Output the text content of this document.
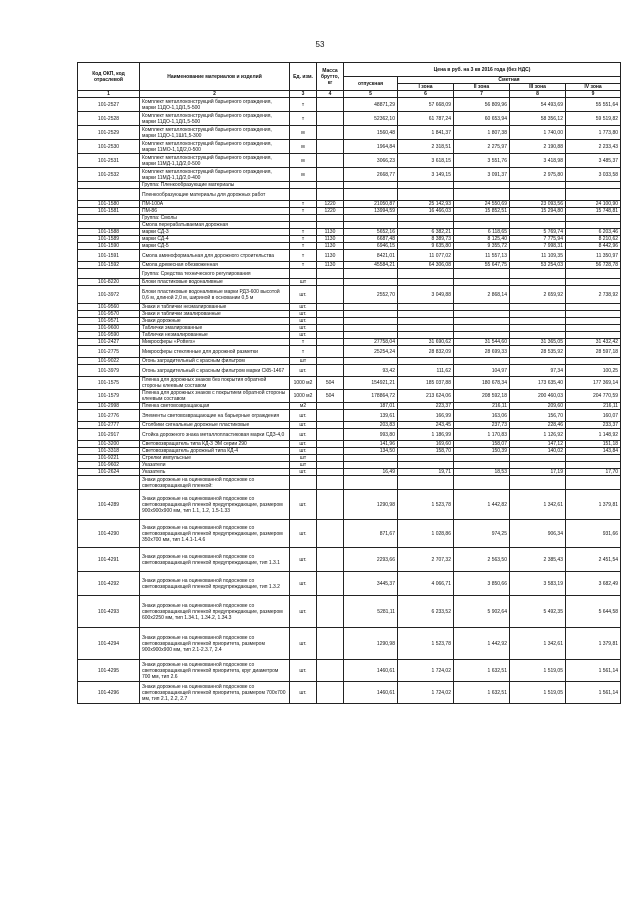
53
Код ОКП, код отраслевой	Наименование материалов и изделий	Ед. изм.	Масса брутто, кг	Цена в руб. на 3 кв 2016 года (без НДС)				
				отпускная	Сметная			
					I зона	II зона	III зона	IV зона
1	2	3	4	5	6	7	8	9
101-2527	Комплект металлоконструкций барьерного ограждения, марки 11ДО-1,1Д/1,5-500	т		48871,29	57 668,09	56 809,96	54 493,69	55 551,64
101-2528	Комплект металлоконструкций барьерного ограждения, марки 11ДО-1,1Д/1,5-500	т		52362,10	61 787,24	60 653,94	58 356,12	59 519,82
101-2529	Комплект металлоконструкций барьерного ограждения, марки 11ДО-1,1Ш/1,5-300	м		1560,48	1 841,37	1 807,38	1 740,00	1 773,80
101-2530	Комплект металлоконструкций барьерного ограждения, марки 11МО-1,1Д/2,0-500	м		1964,84	2 318,51	2 275,97	2 190,88	2 233,43
101-2531	Комплект металлоконструкций барьерного ограждения, марки 11МД-1,1Д/2,0-500	м		3066,23	3 618,15	3 551,76	3 418,98	3 485,37
101-2532	Комплект металлоконструкций барьерного ограждения, марки 11МД-1,1Д/2,0-400	м		2668,77	3 149,15	3 091,37	2 975,80	3 033,58
	Группа: Пленкообразующие материалы							
	Пленкообразующие материалы для дорожных работ							
101-1580	ПМ-100А	т	1220	21050,87	25 142,93	24 550,69	23 093,56	24 100,90
101-1581	ПМ-86	т	1220	13994,59	16 466,03	15 852,51	15 294,80	15 748,81
	Группа: Смолы							
	Смола перерабатываемая дорожная							
101-1588	марки СД-3	т	1130	5652,16	6 382,21	6 118,65	5 769,74	6 203,46
101-1589	марки СД-4	т	1130	6687,48	8 389,73	8 125,40	7 775,94	8 210,62
101-1590	марки СД-5	т	1130	6946,15	9 635,80	9 355,72	7 998,31	8 442,96
101-1591	Смола аминоформальная для дорожного строительства	т	1130	8421,01	11 077,02	11 557,13	11 109,35	11 350,97
101-1592	Смола древесная обезвоженная	т	1130	45584,21	64 306,08	55 647,75	53 254,03	56 728,78
	Группа: Средства технического регулирования							
101-8220	Блоки пластиковые водоналивные	шт						
101-3972	Блоки пластиковые водоналивные марки РДЗ-600 высотой 0,6 м, длиной 2,0 м, шириной в основании 0,5 м	шт.		2552,70	3 049,88	2 868,14	2 659,92	2 738,92
101-9560	Знаки и таблички неэмалированные	шт.						
101-9570	Знаки и таблички эмалированные	шт.						
101-9571	Знаки дорожные	шт.						
101-9600	Таблички эмалированные	шт.						
101-9590	Таблички неэмалированные	шт.						
101-2427	Микросферы «Potters»	т		27758,04	31 690,62	31 544,60	31 365,05	31 432,42
101-2775	Микросферы стеклянные для дорожной разметки	т		25254,24	28 832,09	28 699,33	28 535,92	28 597,18
101-9022	Огонь заградительный с красным фильтром	шт						
101-3979	Огонь заградительный с красным фильтром марки СКБ-1467	шт.		93,42	111,62	104,97	97,34	100,25
101-1575	Пленка для дорожных знаков без покрытия обратной стороны клеевым составом	1000 м2	504	154921,21	185 037,88	180 678,34	173 635,40	177 369,14
101-1579	Пленка для дорожных знаков с покрытием обратной стороны клеевым составом	1000 м2	504	178864,72	213 624,06	208 592,18	200 460,03	204 770,59
101-2998	Пленка световозвращающая	м2		187,01	223,37	216,11	209,60	216,11
101-2776	Элементы световозвращающие на барьерные ограждения	шт.		139,61	166,99	163,06	156,70	160,07
101-2777	Столбики сигнальные дорожные пластиковые	шт.		203,83	243,45	237,73	228,46	233,37
101-2917	Стойка дорожного знака металлопластиковая марки СДЗ-4,0	шт.		993,80	1 186,99	1 170,83	1 126,92	1 148,92
101-3200	Световозвращатель типа КД-3 ЭМ серии 290	шт.		141,96	169,60	158,07	147,12	151,18
101-3318	Световозвращатель дорожный типа КД-4	шт.		134,50	158,70	150,39	140,02	143,84
101-9221	Стрелки импульсные	шт						
101-9602	Указатели	шт						
101-2624	Указатель	шт.		16,49	19,71	18,53	17,19	17,70
	Знаки дорожные на оцинкованной подоснове со световозвращающей пленкой:							
101-4289	Знаки дорожные на оцинкованной подоснове со световозвращающей пленкой предупреждающие, размером 900x900x900 мм, тип 1.1, 1.2, 1.5-1.33	шт.		1290,98	1 523,78	1 442,82	1 342,61	1 379,81
101-4290	Знаки дорожные на оцинкованной подоснове со световозвращающей пленкой предупреждающие, размером 350x700 мм, тип 1.4.1-1.4.6	шт.		871,67	1 028,86	974,25	906,34	931,66
101-4291	Знаки дорожные на оцинкованной подоснове со световозвращающей пленкой предупреждающие, тип 1.3.1	шт.		2293,66	2 707,32	2 563,50	2 385,43	2 451,54
101-4292	Знаки дорожные на оцинкованной подоснове со световозвращающей пленкой предупреждающие, тип 1.3.2	шт.		3445,37	4 066,71	3 850,66	3 583,19	3 682,49
101-4293	Знаки дорожные на оцинкованной подоснове со световозвращающей пленкой предупреждающие, размером 600x2250 мм, тип 1.34.1, 1.34.2, 1.34.3	шт.		5281,11	6 233,52	5 902,64	5 492,35	5 644,58
101-4294	Знаки дорожные на оцинкованной подоснове со световозвращающей пленкой приоритета, размером 900x900x900 мм, тип 2.1-2.3.7, 2.4	шт.		1290,98	1 523,78	1 442,92	1 342,61	1 379,81
101-4295	Знаки дорожные на оцинкованной подоснове со световозвращающей пленкой приоритета, круг диаметром 700 мм, тип 2.6	шт.		1460,61	1 724,02	1 632,51	1 519,05	1 561,14
101-4296	Знаки дорожные на оцинкованной подоснове со световозвращающей пленкой приоритета, размером 700x700 мм, тип 2.1, 2.2, 2.7	шт.		1460,61	1 724,02	1 632,51	1 519,05	1 561,14
